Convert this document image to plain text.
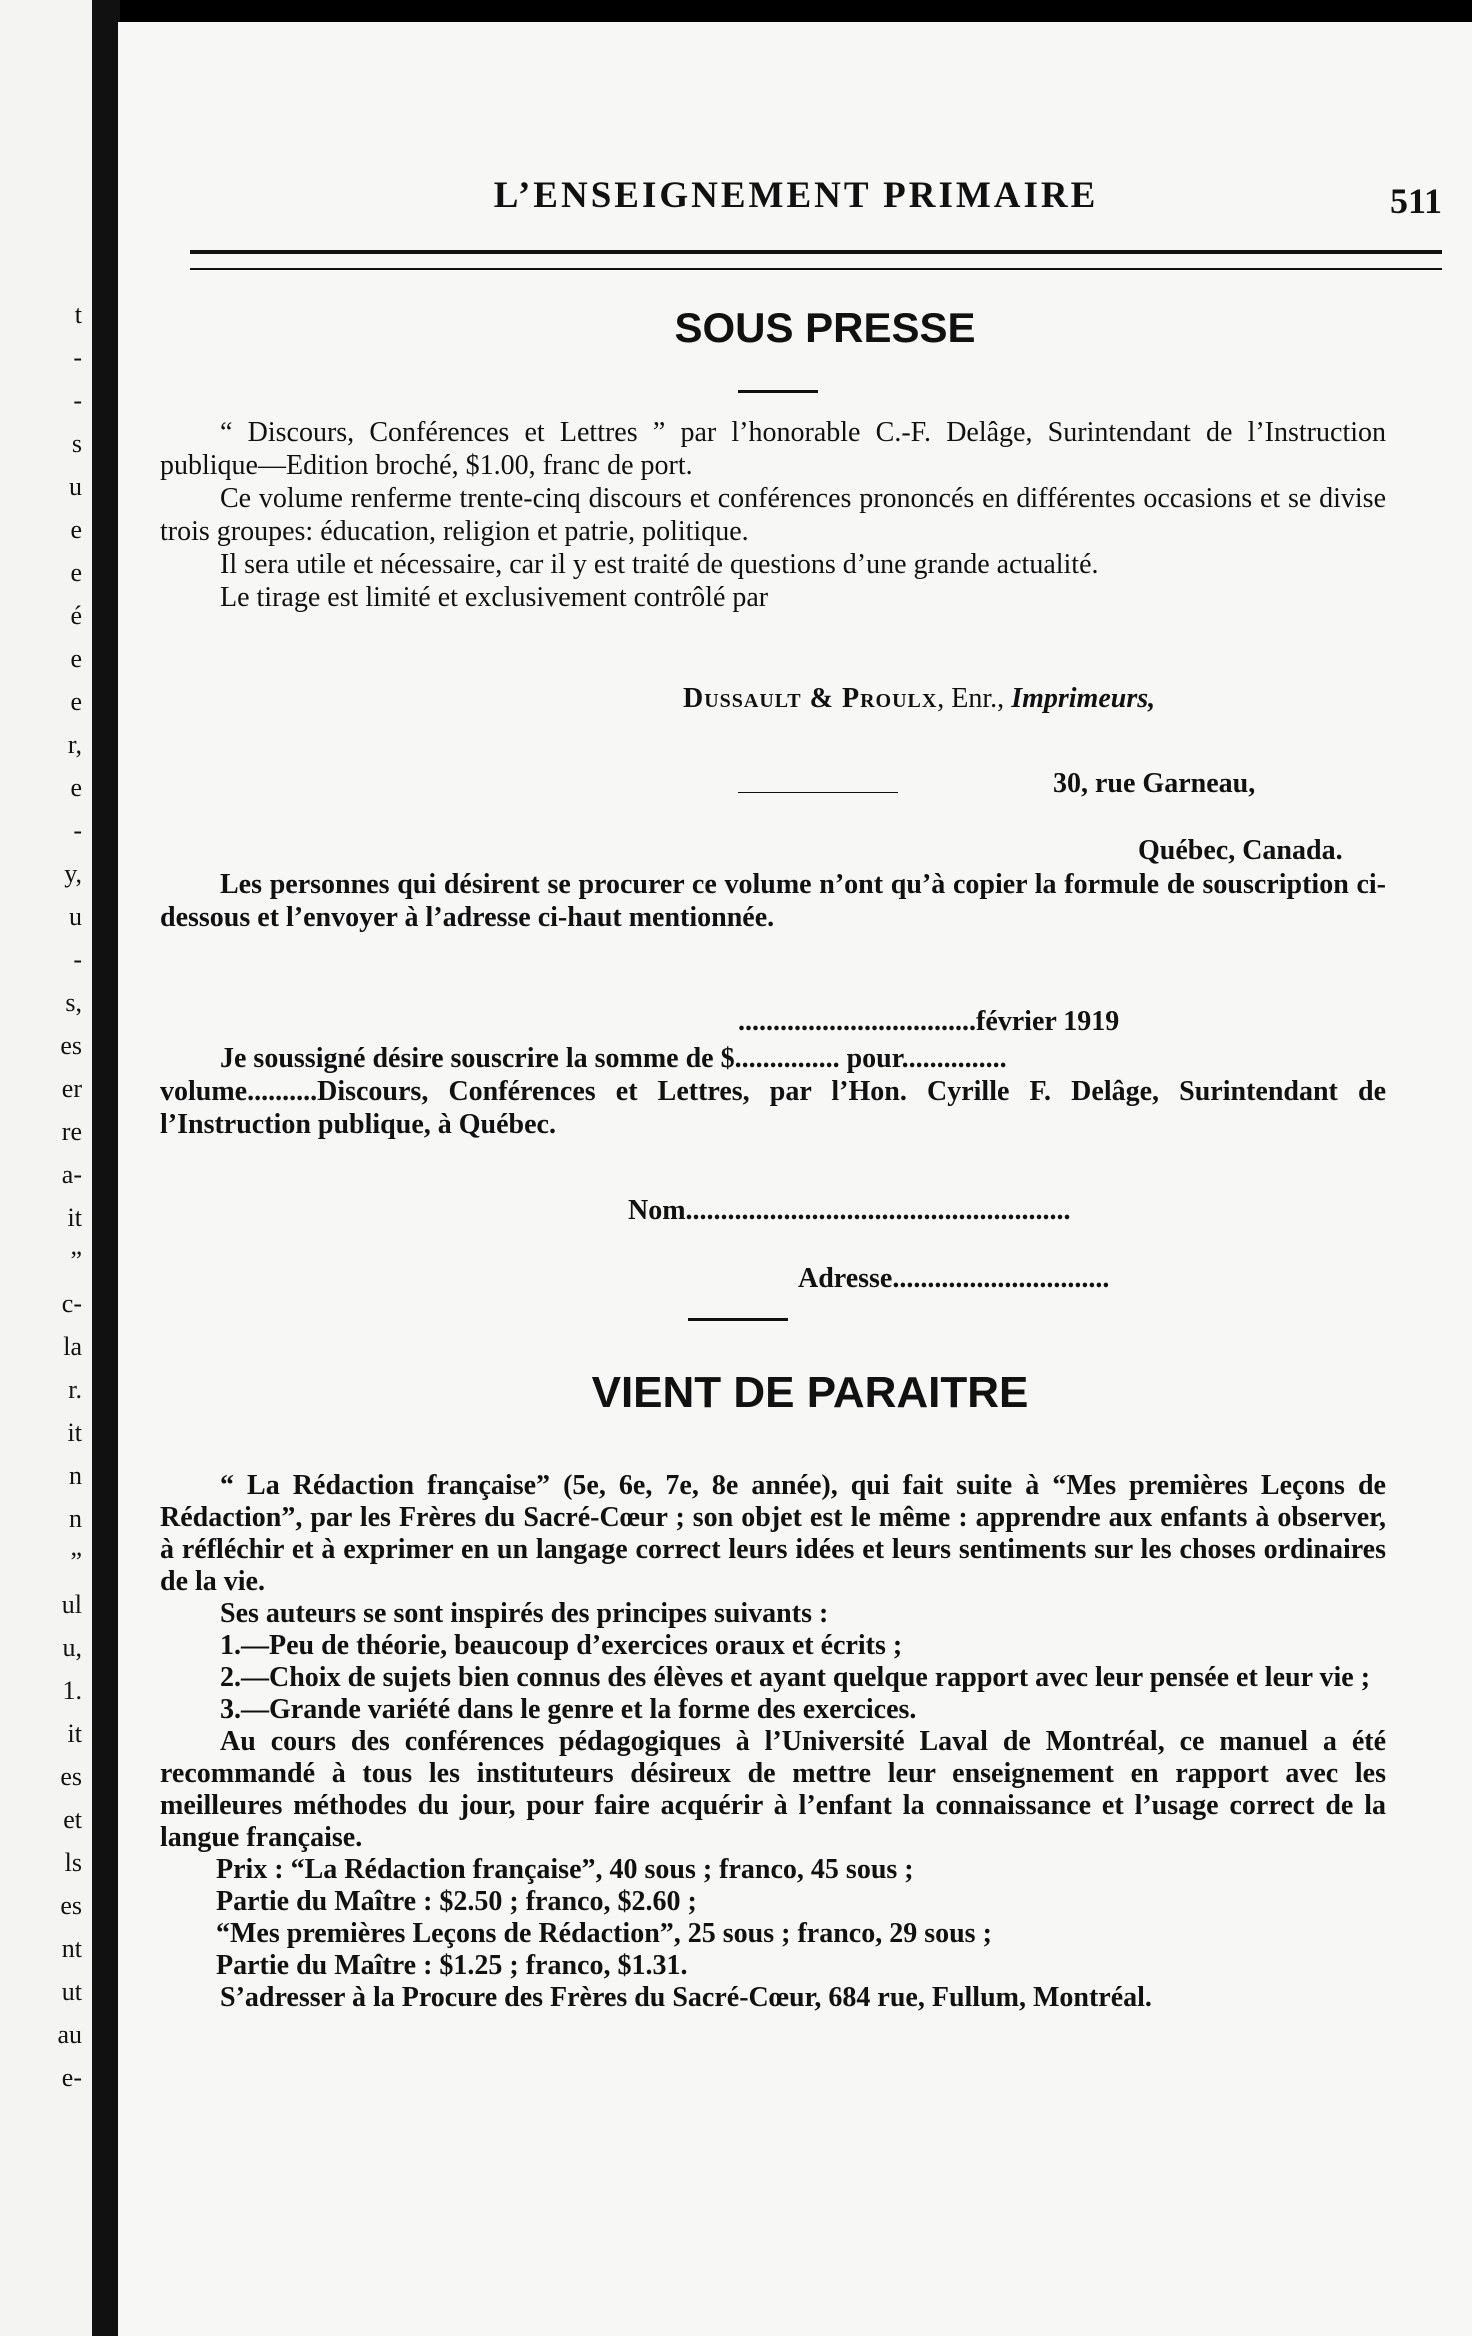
t
-
-
s
u
e
e
é
e
e
r,
e
-
y,
u
-
s,
es
er
re
a-
it
”
c-
la
r.
it
n
n
”
ul
u,
1.
it
es
et
ls
es
nt
ut
au
e-
L’ENSEIGNEMENT PRIMAIRE	511
SOUS PRESSE

“ Discours, Conférences et Lettres ” par l’honorable C.-F. Delâge, Surintendant de l’Instruction publique—Edition broché, $1.00, franc de port.

Ce volume renferme trente-cinq discours et conférences prononcés en différentes occasions et se divise trois groupes: éducation, religion et patrie, politique.

Il sera utile et nécessaire, car il y est traité de questions d’une grande actualité.

Le tirage est limité et exclusivement contrôlé par

Dussault & Proulx, Enr., Imprimeurs,
30, rue Garneau,
Québec, Canada.

Les personnes qui désirent se procurer ce volume n’ont qu’à copier la formule de souscription ci-dessous et l’envoyer à l’adresse ci-haut mentionnée.

..................................février 1919

Je soussigné désire souscrire la somme de $............... pour...............

volume..........Discours, Conférences et Lettres, par l’Hon. Cyrille F. Delâge, Surintendant de l’Instruction publique, à Québec.

Nom.......................................................
Adresse...............................
VIENT DE PARAITRE

“ La Rédaction française” (5e, 6e, 7e, 8e année), qui fait suite à “Mes premières Leçons de Rédaction”, par les Frères du Sacré-Cœur ; son objet est le même : apprendre aux enfants à observer, à réfléchir et à exprimer en un langage correct leurs idées et leurs sentiments sur les choses ordinaires de la vie.

Ses auteurs se sont inspirés des principes suivants :

1.—Peu de théorie, beaucoup d’exercices oraux et écrits ;

2.—Choix de sujets bien connus des élèves et ayant quelque rapport avec leur pensée et leur vie ;

3.—Grande variété dans le genre et la forme des exercices.

Au cours des conférences pédagogiques à l’Université Laval de Montréal, ce manuel a été recommandé à tous les instituteurs désireux de mettre leur enseignement en rapport avec les meilleures méthodes du jour, pour faire acquérir à l’enfant la connaissance et l’usage correct de la langue française.

Prix : “La Rédaction française”, 40 sous ; franco, 45 sous ;

Partie du Maître : $2.50 ; franco, $2.60 ;

“Mes premières Leçons de Rédaction”, 25 sous ; franco, 29 sous ;

Partie du Maître : $1.25 ; franco, $1.31.

S’adresser à la Procure des Frères du Sacré-Cœur, 684 rue, Fullum, Montréal.
